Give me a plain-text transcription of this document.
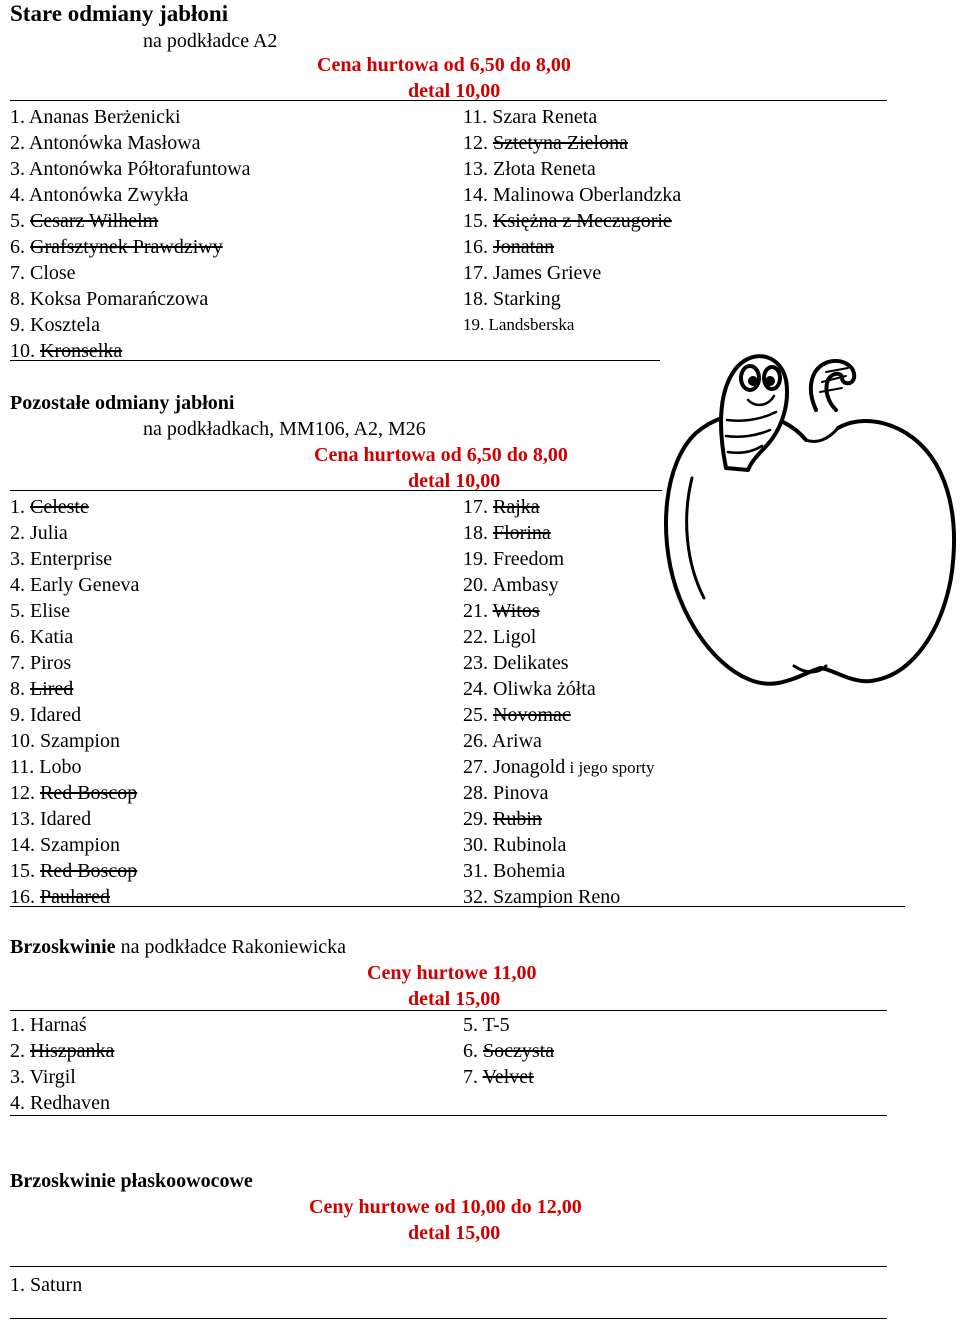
Stare odmiany jabłoni
na podkładce A2
Cena hurtowa od 6,50 do 8,00
detal 10,00
1. Ananas Berżenicki
2. Antonówka Masłowa
3. Antonówka Półtorafuntowa
4. Antonówka Zwykła
5. Cesarz Wilhelm
6. Grafsztynek Prawdziwy
7. Close
8. Koksa Pomarańczowa
9. Kosztela
10. Kronselka
11. Szara Reneta
12. Sztetyna Zielona
13. Złota Reneta
14. Malinowa Oberlandzka
15. Księżna z Meczugorie
16. Jonatan
17. James Grieve
18. Starking
19. Landsberska
Pozostałe odmiany jabłoni
na podkładkach, MM106, A2, M26
Cena hurtowa od 6,50 do 8,00
detal 10,00
1. Celeste
2. Julia
3. Enterprise
4. Early Geneva
5. Elise
6. Katia
7. Piros
8. Lired
9. Idared
10. Szampion
11. Lobo
12. Red Boscop
13. Idared
14. Szampion
15. Red Boscop
16. Paulared
17. Rajka
18. Florina
19. Freedom
20. Ambasy
21. Witos
22. Ligol
23. Delikates
24. Oliwka żółta
25. Novomac
26. Ariwa
27. Jonagold i jego sporty
28. Pinova
29. Rubin
30. Rubinola
31. Bohemia
32. Szampion Reno
Brzoskwinie na podkładce Rakoniewicka
Ceny hurtowe 11,00
detal 15,00
1. Harnaś
2. Hiszpanka
3. Virgil
4. Redhaven
5. T-5
6. Soczysta
7. Velvet
Brzoskwinie płaskoowocowe
Ceny hurtowe od 10,00 do 12,00
detal 15,00
1. Saturn
